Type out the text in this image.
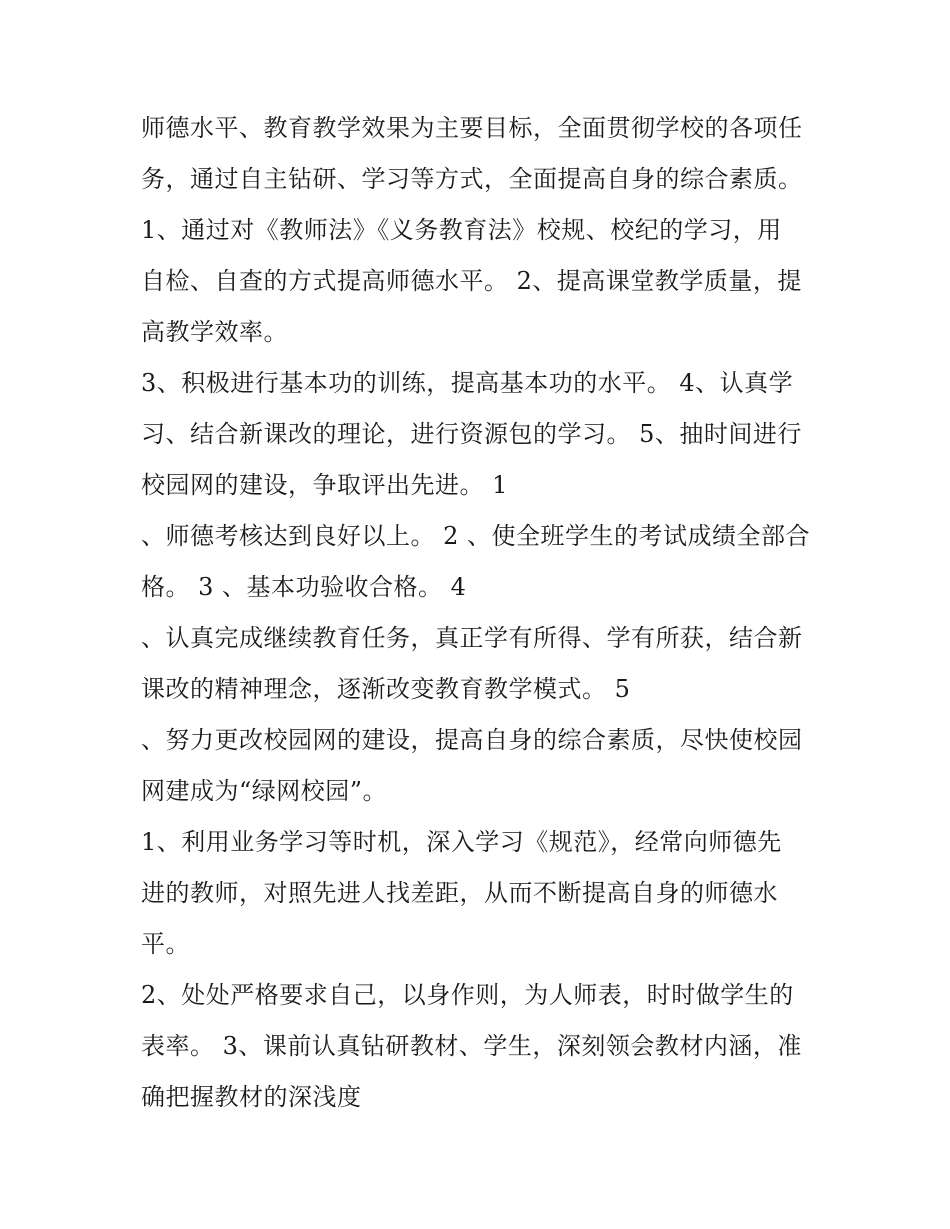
师德水平、教育教学效果为主要目标，全面贯彻学校的各项任
务，通过自主钻研、学习等方式，全面提高自身的综合素质。
1、通过对《教师法》《义务教育法》校规、校纪的学习，用
自检、自查的方式提高师德水平。 2、提高课堂教学质量，提
高教学效率。
3、积极进行基本功的训练，提高基本功的水平。 4、认真学
习、结合新课改的理论，进行资源包的学习。 5、抽时间进行
校园网的建设，争取评出先进。 1
、师德考核达到良好以上。 2 、使全班学生的考试成绩全部合
格。 3 、基本功验收合格。 4
、认真完成继续教育任务，真正学有所得、学有所获，结合新
课改的精神理念，逐渐改变教育教学模式。 5
、努力更改校园网的建设，提高自身的综合素质，尽快使校园
网建成为“绿网校园”。
1、利用业务学习等时机，深入学习《规范》，经常向师德先
进的教师，对照先进人找差距，从而不断提高自身的师德水
平。
2、处处严格要求自己，以身作则，为人师表，时时做学生的
表率。 3、课前认真钻研教材、学生，深刻领会教材内涵，准
确把握教材的深浅度
